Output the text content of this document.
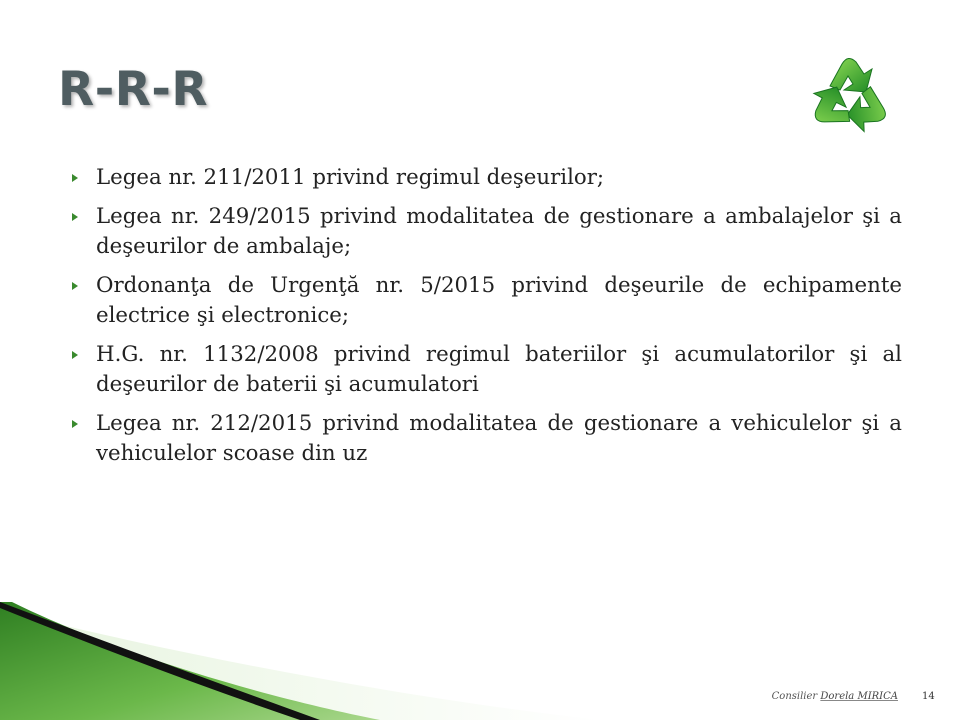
R-R-R
Legea nr. 211/2011 privind regimul deşeurilor;
Legea nr. 249/2015 privind modalitatea de gestionare a ambalajelor şi a deşeurilor de ambalaje;
Ordonanţa de Urgenţă nr. 5/2015 privind deşeurile de echipamente electrice şi electronice;
H.G. nr. 1132/2008 privind regimul bateriilor şi acumulatorilor şi al deşeurilor de baterii şi acumulatori
Legea nr. 212/2015 privind modalitatea de gestionare a vehiculelor şi a vehiculelor scoase din uz
Consilier Dorela MIRICA 14
